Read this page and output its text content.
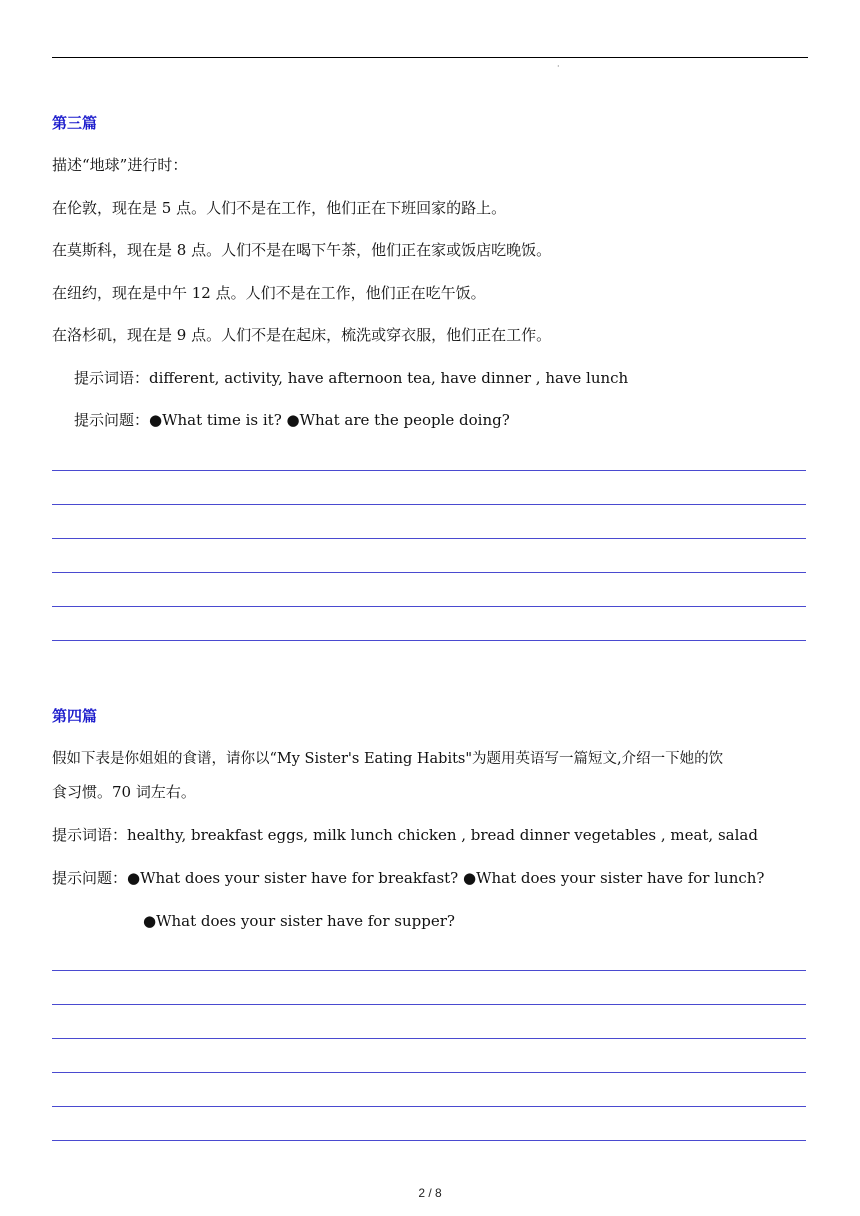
·
第三篇
描述“地球”进行时：
在伦敦，现在是 5 点。人们不是在工作，他们正在下班回家的路上。
在莫斯科，现在是 8 点。人们不是在喝下午茶，他们正在家或饭店吃晚饭。
在纽约，现在是中午 12 点。人们不是在工作，他们正在吃午饭。
在洛杉矶，现在是 9 点。人们不是在起床，梳洗或穿衣服，他们正在工作。
提示词语：different, activity, have afternoon tea, have dinner , have lunch
提示问题：●What time is it? ●What are the people doing?
第四篇
假如下表是你姐姐的食谱，请你以“My Sister's Eating Habits"为题用英语写一篇短文,介绍一下她的饮
食习惯。70 词左右。
提示词语：healthy, breakfast eggs, milk lunch chicken , bread dinner vegetables , meat, salad
提示问题：●What does your sister have for breakfast? ●What does your sister have for lunch?
●What does your sister have for supper?
2 / 8
